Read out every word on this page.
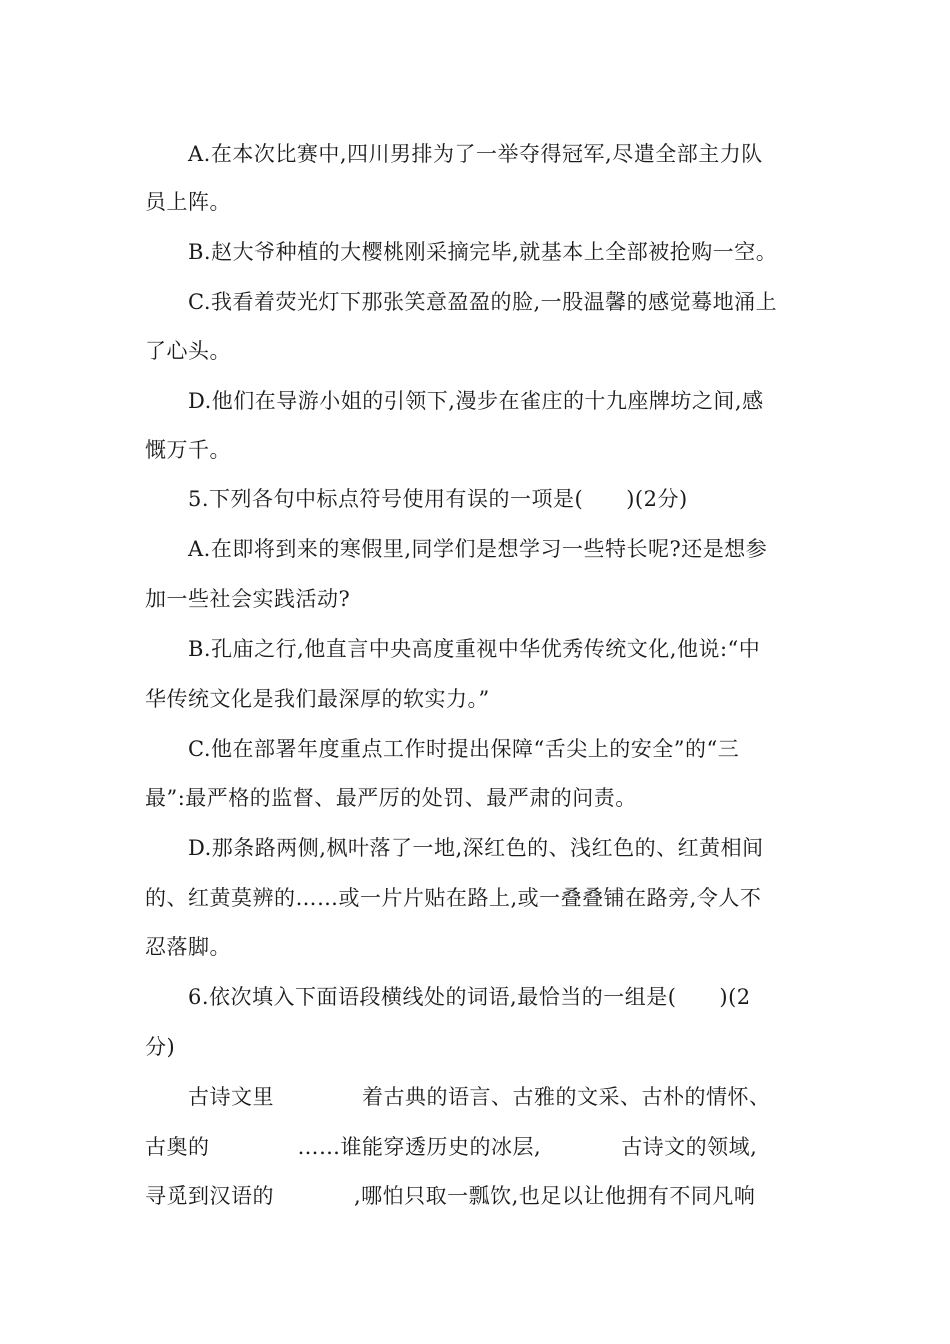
A.在本次比赛中,四川男排为了一举夺得冠军,尽遣全部主力队
员上阵。
B.赵大爷种植的大樱桃刚采摘完毕,就基本上全部被抢购一空。
C.我看着荧光灯下那张笑意盈盈的脸,一股温馨的感觉蓦地涌上
了心头。
D.他们在导游小姐的引领下,漫步在雀庄的十九座牌坊之间,感
慨万千。
5.下列各句中标点符号使用有误的一项是(　　)(2分)
A.在即将到来的寒假里,同学们是想学习一些特长呢?还是想参
加一些社会实践活动?
B.孔庙之行,他直言中央高度重视中华优秀传统文化,他说:“中
华传统文化是我们最深厚的软实力。”
C.他在部署年度重点工作时提出保障“舌尖上的安全”的“三
最”:最严格的监督、最严厉的处罚、最严肃的问责。
D.那条路两侧,枫叶落了一地,深红色的、浅红色的、红黄相间
的、红黄莫辨的……或一片片贴在路上,或一叠叠铺在路旁,令人不
忍落脚。
6.依次填入下面语段横线处的词语,最恰当的一组是(　　)(2
分)
古诗文里	着古典的语言、古雅的文采、古朴的情怀、
古奥的	……谁能穿透历史的冰层,	古诗文的领域,
寻觅到汉语的	,哪怕只取一瓢饮,也足以让他拥有不同凡响
